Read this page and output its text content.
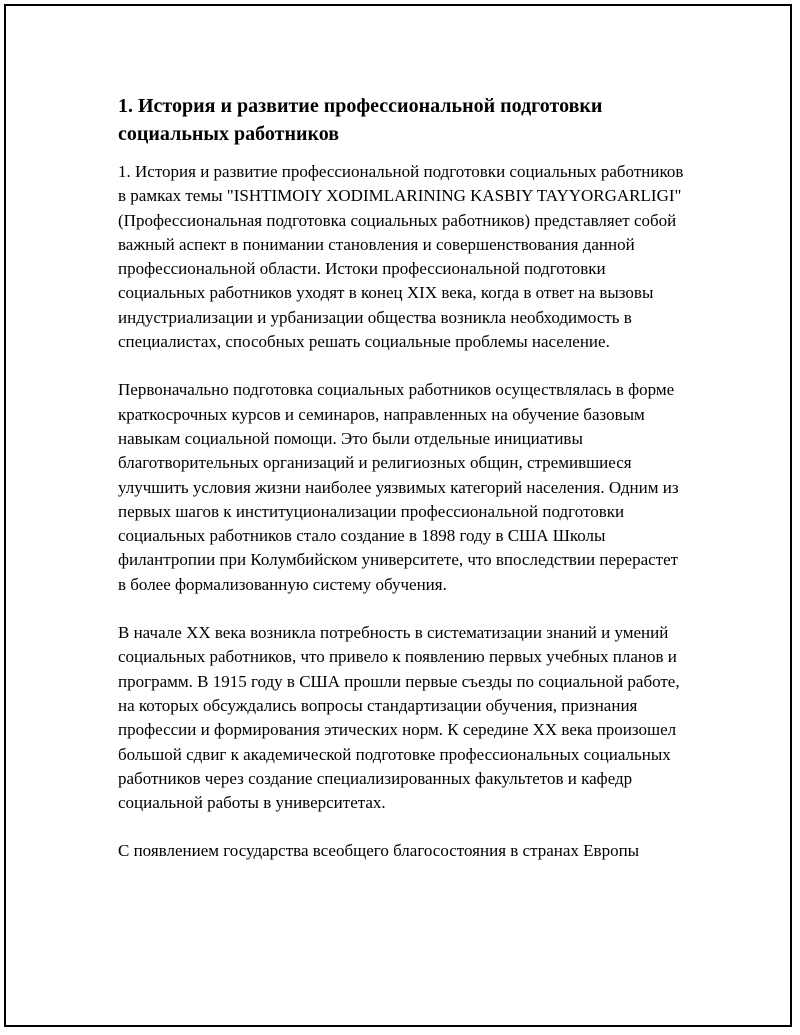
1. История и развитие профессиональной подготовки социальных работников

1. История и развитие профессиональной подготовки социальных работников в рамках темы "ISHTIMOIY XODIMLARINING KASBIY TAYYORGARLIGI" (Профессиональная подготовка социальных работников) представляет собой важный аспект в понимании становления и совершенствования данной профессиональной области. Истоки профессиональной подготовки социальных работников уходят в конец XIX века, когда в ответ на вызовы индустриализации и урбанизации общества возникла необходимость в специалистах, способных решать социальные проблемы население.

Первоначально подготовка социальных работников осуществлялась в форме краткосрочных курсов и семинаров, направленных на обучение базовым навыкам социальной помощи. Это были отдельные инициативы благотворительных организаций и религиозных общин, стремившиеся улучшить условия жизни наиболее уязвимых категорий населения. Одним из первых шагов к институционализации профессиональной подготовки социальных работников стало создание в 1898 году в США Школы филантропии при Колумбийском университете, что впоследствии перерастет в более формализованную систему обучения.

В начале XX века возникла потребность в систематизации знаний и умений социальных работников, что привело к появлению первых учебных планов и программ. В 1915 году в США прошли первые съезды по социальной работе, на которых обсуждались вопросы стандартизации обучения, признания профессии и формирования этических норм. К середине XX века произошел большой сдвиг к академической подготовке профессиональных социальных работников через создание специализированных факультетов и кафедр социальной работы в университетах.

С появлением государства всеобщего благосостояния в странах Европы
